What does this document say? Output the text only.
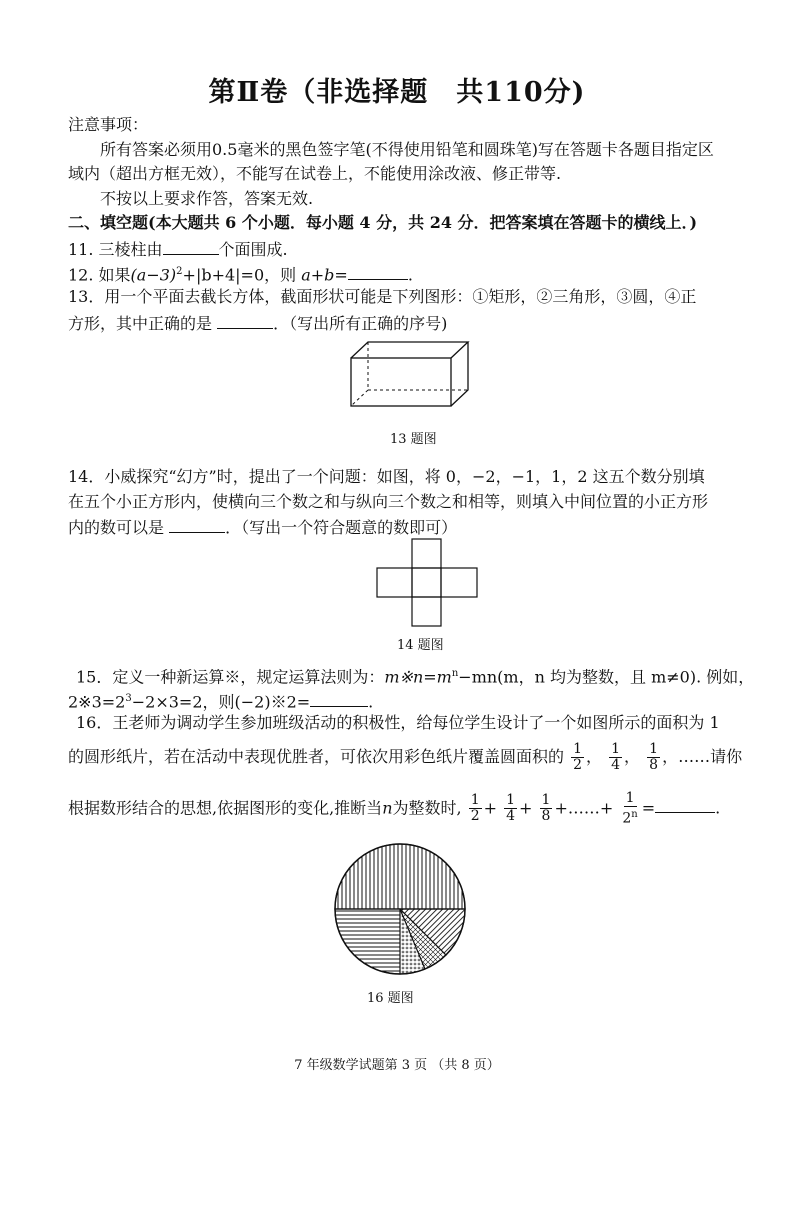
第Ⅱ卷（非选择题　共110分)
注意事项：
所有答案必须用0.5毫米的黑色签字笔(不得使用铅笔和圆珠笔)写在答题卡各题目指定区
域内（超出方框无效），不能写在试卷上，不能使用涂改液、修正带等.
不按以上要求作答，答案无效.
二、填空题(本大题共 6 个小题．每小题 4 分，共 24 分．把答案填在答题卡的横线上．)
11. 三棱柱由	个面围成.
12. 如果$(a-3)^2+|b+4|=0$，则 a+b=	.
13．用一个平面去截长方体，截面形状可能是下列图形：①矩形，②三角形，③圆，④正
方形，其中正确的是	．（写出所有正确的序号)
13 题图
14．小威探究“幻方”时，提出了一个问题：如图，将 0，−2，−1，1，2 这五个数分别填
在五个小正方形内，使横向三个数之和与纵向三个数之和相等，则填入中间位置的小正方形
内的数可以是	．（写出一个符合题意的数即可）
14 题图
15．定义一种新运算※，规定运算法则为：$m※n=m^n-mn(m$，n 均为整数，且 m≠0). 例如，
$2※3=2^3-2\times 3=2$，则(−2)※2=	.
16．王老师为调动学生参加班级活动的积极性，给每位学生设计了一个如图所示的面积为 1
的圆形纸片，若在活动中表现优胜者，可依次用彩色纸片覆盖圆面积的 $\frac{1}{2}$ ， $\frac{1}{4}$ ， $\frac{1}{8}$ ，……请你
根据数形结合的思想,依据图形的变化,推断当n为整数时, $\frac{1}{2} + \frac{1}{4} + \frac{1}{8}$ +……+ $\frac{1}{2^n}$ =	.
16 题图
7 年级数学试题第 3 页 （共 8 页）
